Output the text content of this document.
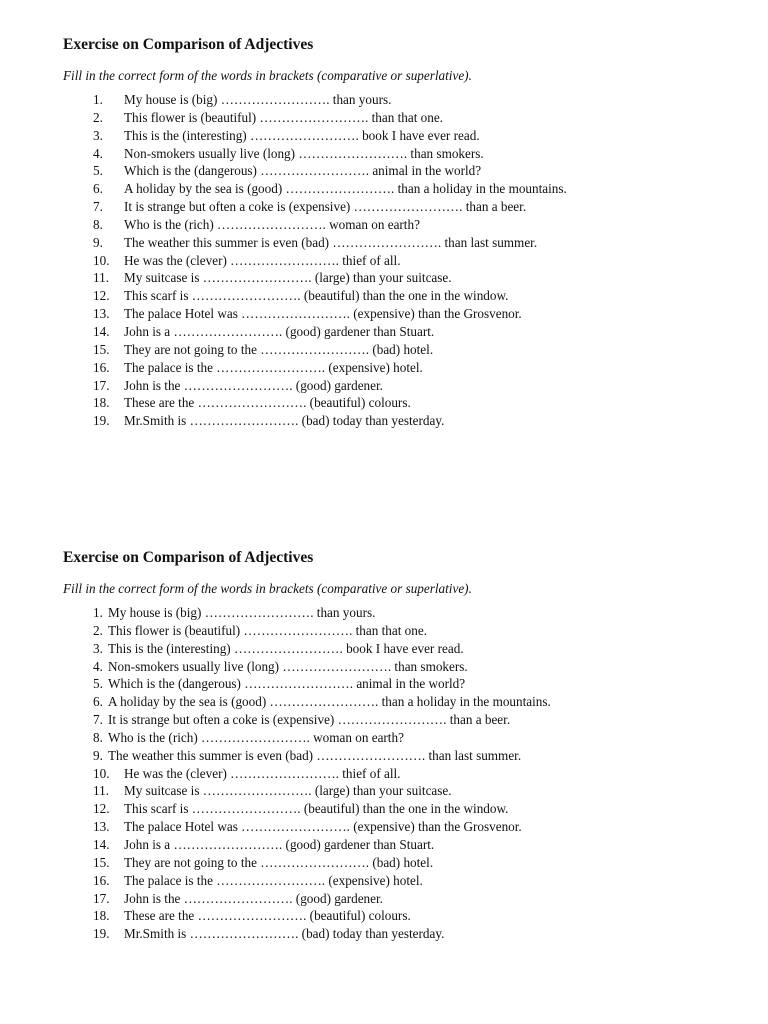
Exercise on Comparison of Adjectives

Fill in the correct form of the words in brackets (comparative or superlative).

1. My house is (big) ……………………. than yours.
2. This flower is (beautiful) ……………………. than that one.
3. This is the (interesting) ……………………. book I have ever read.
4. Non-smokers usually live (long) ……………………. than smokers.
5. Which is the (dangerous) ……………………. animal in the world?
6. A holiday by the sea is (good) ……………………. than a holiday in the mountains.
7. It is strange but often a coke is (expensive) ……………………. than a beer.
8. Who is the (rich) ……………………. woman on earth?
9. The weather this summer is even (bad) ……………………. than last summer.
10. He was the (clever) ……………………. thief of all.
11. My suitcase is ……………………. (large) than your suitcase.
12. This scarf is ……………………. (beautiful) than the one in the window.
13. The palace Hotel was ……………………. (expensive) than the Grosvenor.
14. John is a ……………………. (good) gardener than Stuart.
15. They are not going to the ……………………. (bad) hotel.
16. The palace is the ……………………. (expensive) hotel.
17. John is the ……………………. (good) gardener.
18. These are the ……………………. (beautiful) colours.
19. Mr.Smith is ……………………. (bad) today than yesterday.
Exercise on Comparison of Adjectives

Fill in the correct form of the words in brackets (comparative or superlative).

1. My house is (big) ……………………. than yours.
2. This flower is (beautiful) ……………………. than that one.
3. This is the (interesting) ……………………. book I have ever read.
4. Non-smokers usually live (long) ……………………. than smokers.
5. Which is the (dangerous) ……………………. animal in the world?
6. A holiday by the sea is (good) ……………………. than a holiday in the mountains.
7. It is strange but often a coke is (expensive) ……………………. than a beer.
8. Who is the (rich) ……………………. woman on earth?
9. The weather this summer is even (bad) ……………………. than last summer.
10. He was the (clever) ……………………. thief of all.
11. My suitcase is ……………………. (large) than your suitcase.
12. This scarf is ……………………. (beautiful) than the one in the window.
13. The palace Hotel was ……………………. (expensive) than the Grosvenor.
14. John is a ……………………. (good) gardener than Stuart.
15. They are not going to the ……………………. (bad) hotel.
16. The palace is the ……………………. (expensive) hotel.
17. John is the ……………………. (good) gardener.
18. These are the ……………………. (beautiful) colours.
19. Mr.Smith is ……………………. (bad) today than yesterday.
